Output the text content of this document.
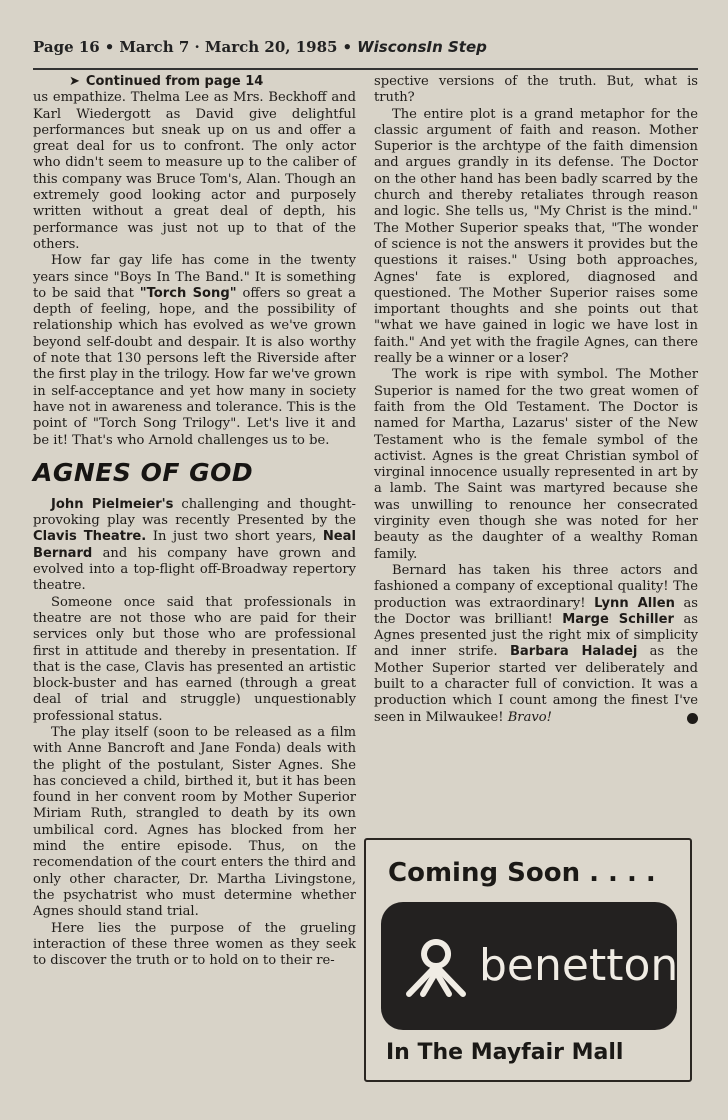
Page 16 • March 7 · March 20, 1985 • WisconsIn Step

➤ Continued from page 14

us empathize. Thelma Lee as Mrs. Beckhoff and Karl Wiedergott as David give delightful performances but sneak up on us and offer a great deal for us to confront. The only actor who didn't seem to measure up to the caliber of this company was Bruce Tom's, Alan. Though an extremely good looking actor and purposely written without a great deal of depth, his performance was just not up to that of the others.

How far gay life has come in the twenty years since "Boys In The Band." It is something to be said that "Torch Song" offers so great a depth of feeling, hope, and the possibility of relationship which has evolved as we've grown beyond self-doubt and despair. It is also worthy of note that 130 persons left the Riverside after the first play in the trilogy. How far we've grown in self-acceptance and yet how many in society have not in awareness and tolerance. This is the point of "Torch Song Trilogy". Let's live it and be it! That's who Arnold challenges us to be.

AGNES OF GOD

John Pielmeier's challenging and thought-provoking play was recently Presented by the Clavis Theatre. In just two short years, Neal Bernard and his company have grown and evolved into a top-flight off-Broadway repertory theatre.

Someone once said that professionals in theatre are not those who are paid for their services only but those who are professional first in attitude and thereby in presentation. If that is the case, Clavis has presented an artistic block-buster and has earned (through a great deal of trial and struggle) unquestionably professional status.

The play itself (soon to be released as a film with Anne Bancroft and Jane Fonda) deals with the plight of the postulant, Sister Agnes. She has concieved a child, birthed it, but it has been found in her convent room by Mother Superior Miriam Ruth, strangled to death by its own umbilical cord. Agnes has blocked from her mind the entire episode. Thus, on the recomendation of the court enters the third and only other character, Dr. Martha Livingstone, the psychatrist who must determine whether Agnes should stand trial.

Here lies the purpose of the grueling interaction of these three women as they seek to discover the truth or to hold on to their re-

spective versions of the truth. But, what is truth?

The entire plot is a grand metaphor for the classic argument of faith and reason. Mother Superior is the archtype of the faith dimension and argues grandly in its defense. The Doctor on the other hand has been badly scarred by the church and thereby retaliates through reason and logic. She tells us, "My Christ is the mind." The Mother Superior speaks that, "The wonder of science is not the answers it provides but the questions it raises." Using both approaches, Agnes' fate is explored, diagnosed and questioned. The Mother Superior raises some important thoughts and she points out that "what we have gained in logic we have lost in faith." And yet with the fragile Agnes, can there really be a winner or a loser?

The work is ripe with symbol. The Mother Superior is named for the two great women of faith from the Old Testament. The Doctor is named for Martha, Lazarus' sister of the New Testament who is the female symbol of the activist. Agnes is the great Christian symbol of virginal innocence usually represented in art by a lamb. The Saint was martyred because she was unwilling to renounce her consecrated virginity even though she was noted for her beauty as the daughter of a wealthy Roman family.

Bernard has taken his three actors and fashioned a company of exceptional quality! The production was extraordinary! Lynn Allen as the Doctor was brilliant! Marge Schiller as Agnes presented just the right mix of simplicity and inner strife. Barbara Haladej as the Mother Superior started ver deliberately and built to a character full of conviction. It was a production which I count among the finest I've seen in Milwaukee! Bravo!

Coming Soon . . . .
benetton
In The Mayfair Mall
